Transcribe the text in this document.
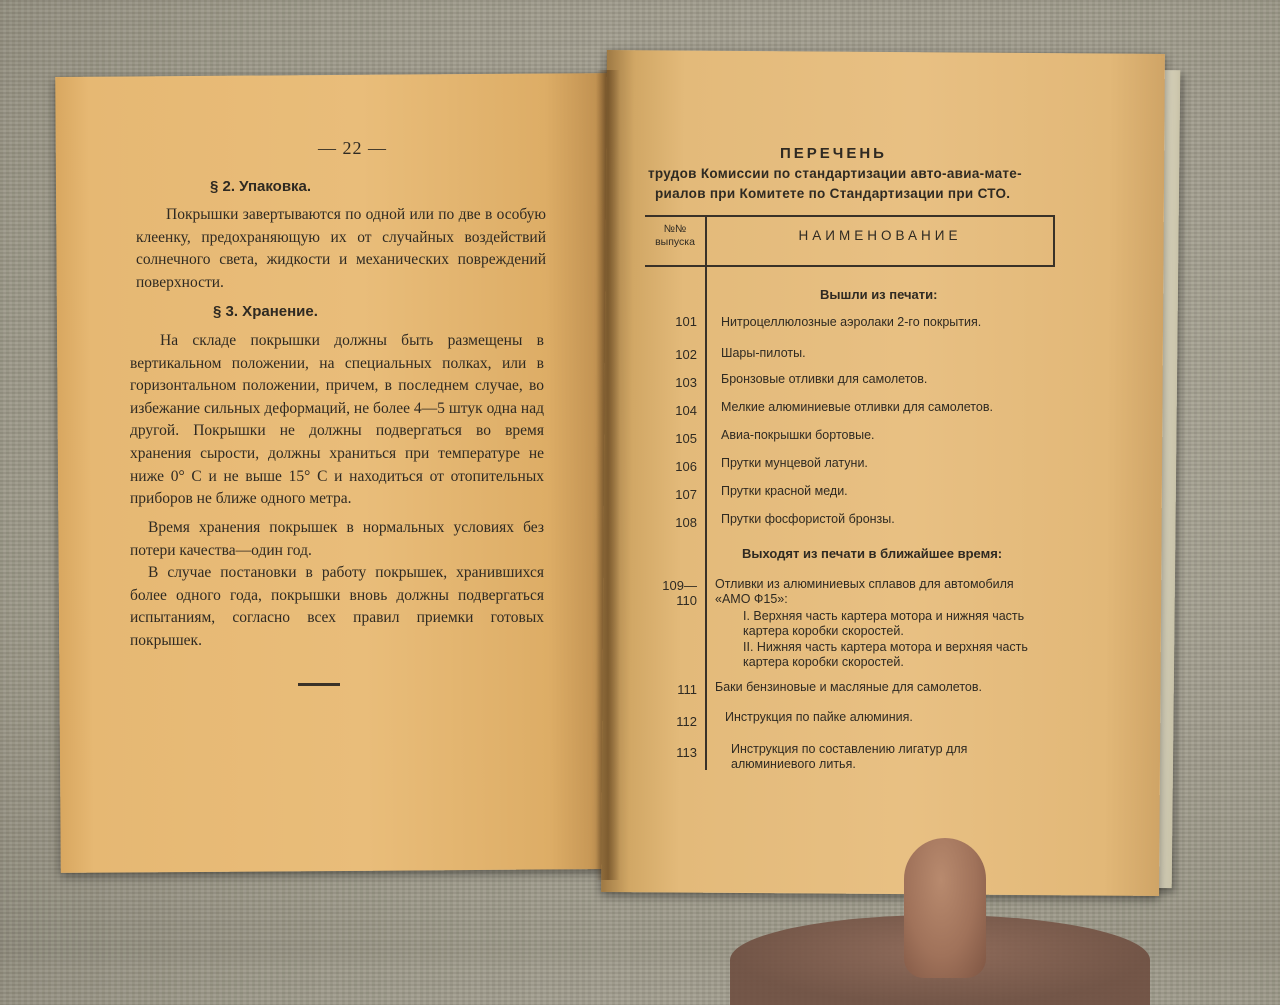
— 22 —
§ 2. Упаковка.
Покрышки завертываются по одной или по две в особую клеенку, предохраняющую их от случайных воздействий солнечного света, жидкости и механических повреждений поверхности.
§ 3. Хранение.
На складе покрышки должны быть размещены в вертикальном положении, на специальных полках, или в горизонтальном положении, причем, в последнем случае, во избежание сильных деформаций, не более 4—5 штук одна над другой. Покрышки не должны подвергаться во время хранения сырости, должны храниться при температуре не ниже 0° C и не выше 15° C и находиться от отопительных приборов не ближе одного метра.
Время хранения покрышек в нормальных условиях без потери качества—один год.
В случае постановки в работу покрышек, хранившихся более одного года, покрышки вновь должны подвергаться испытаниям, согласно всех правил приемки готовых покрышек.
ПЕРЕЧЕНЬ
трудов Комиссии по стандартизации авто-авиа-мате-
риалов при Комитете по Стандартизации при СТО.
№№ выпуска	НАИМЕНОВАНИЕ
Вышли из печати:
101 Нитроцеллюлозные аэролаки 2-го покрытия.
102 Шары-пилоты.
103 Бронзовые отливки для самолетов.
104 Мелкие алюминиевые отливки для самолетов.
105 Авиа-покрышки бортовые.
106 Прутки мунцевой латуни.
107 Прутки красной меди.
108 Прутки фосфористой бронзы.
Выходят из печати в ближайшее время:
109—110
Отливки из алюминиевых сплавов для автомобиля «АМО Ф15»:
I. Верхняя часть картера мотора и нижняя часть картера коробки скоростей.
II. Нижняя часть картера мотора и верхняя часть картера коробки скоростей.
111 Баки бензиновые и масляные для самолетов.
112 Инструкция по пайке алюминия.
113	Инструкция по составлению лигатур для алюминиевого литья.
